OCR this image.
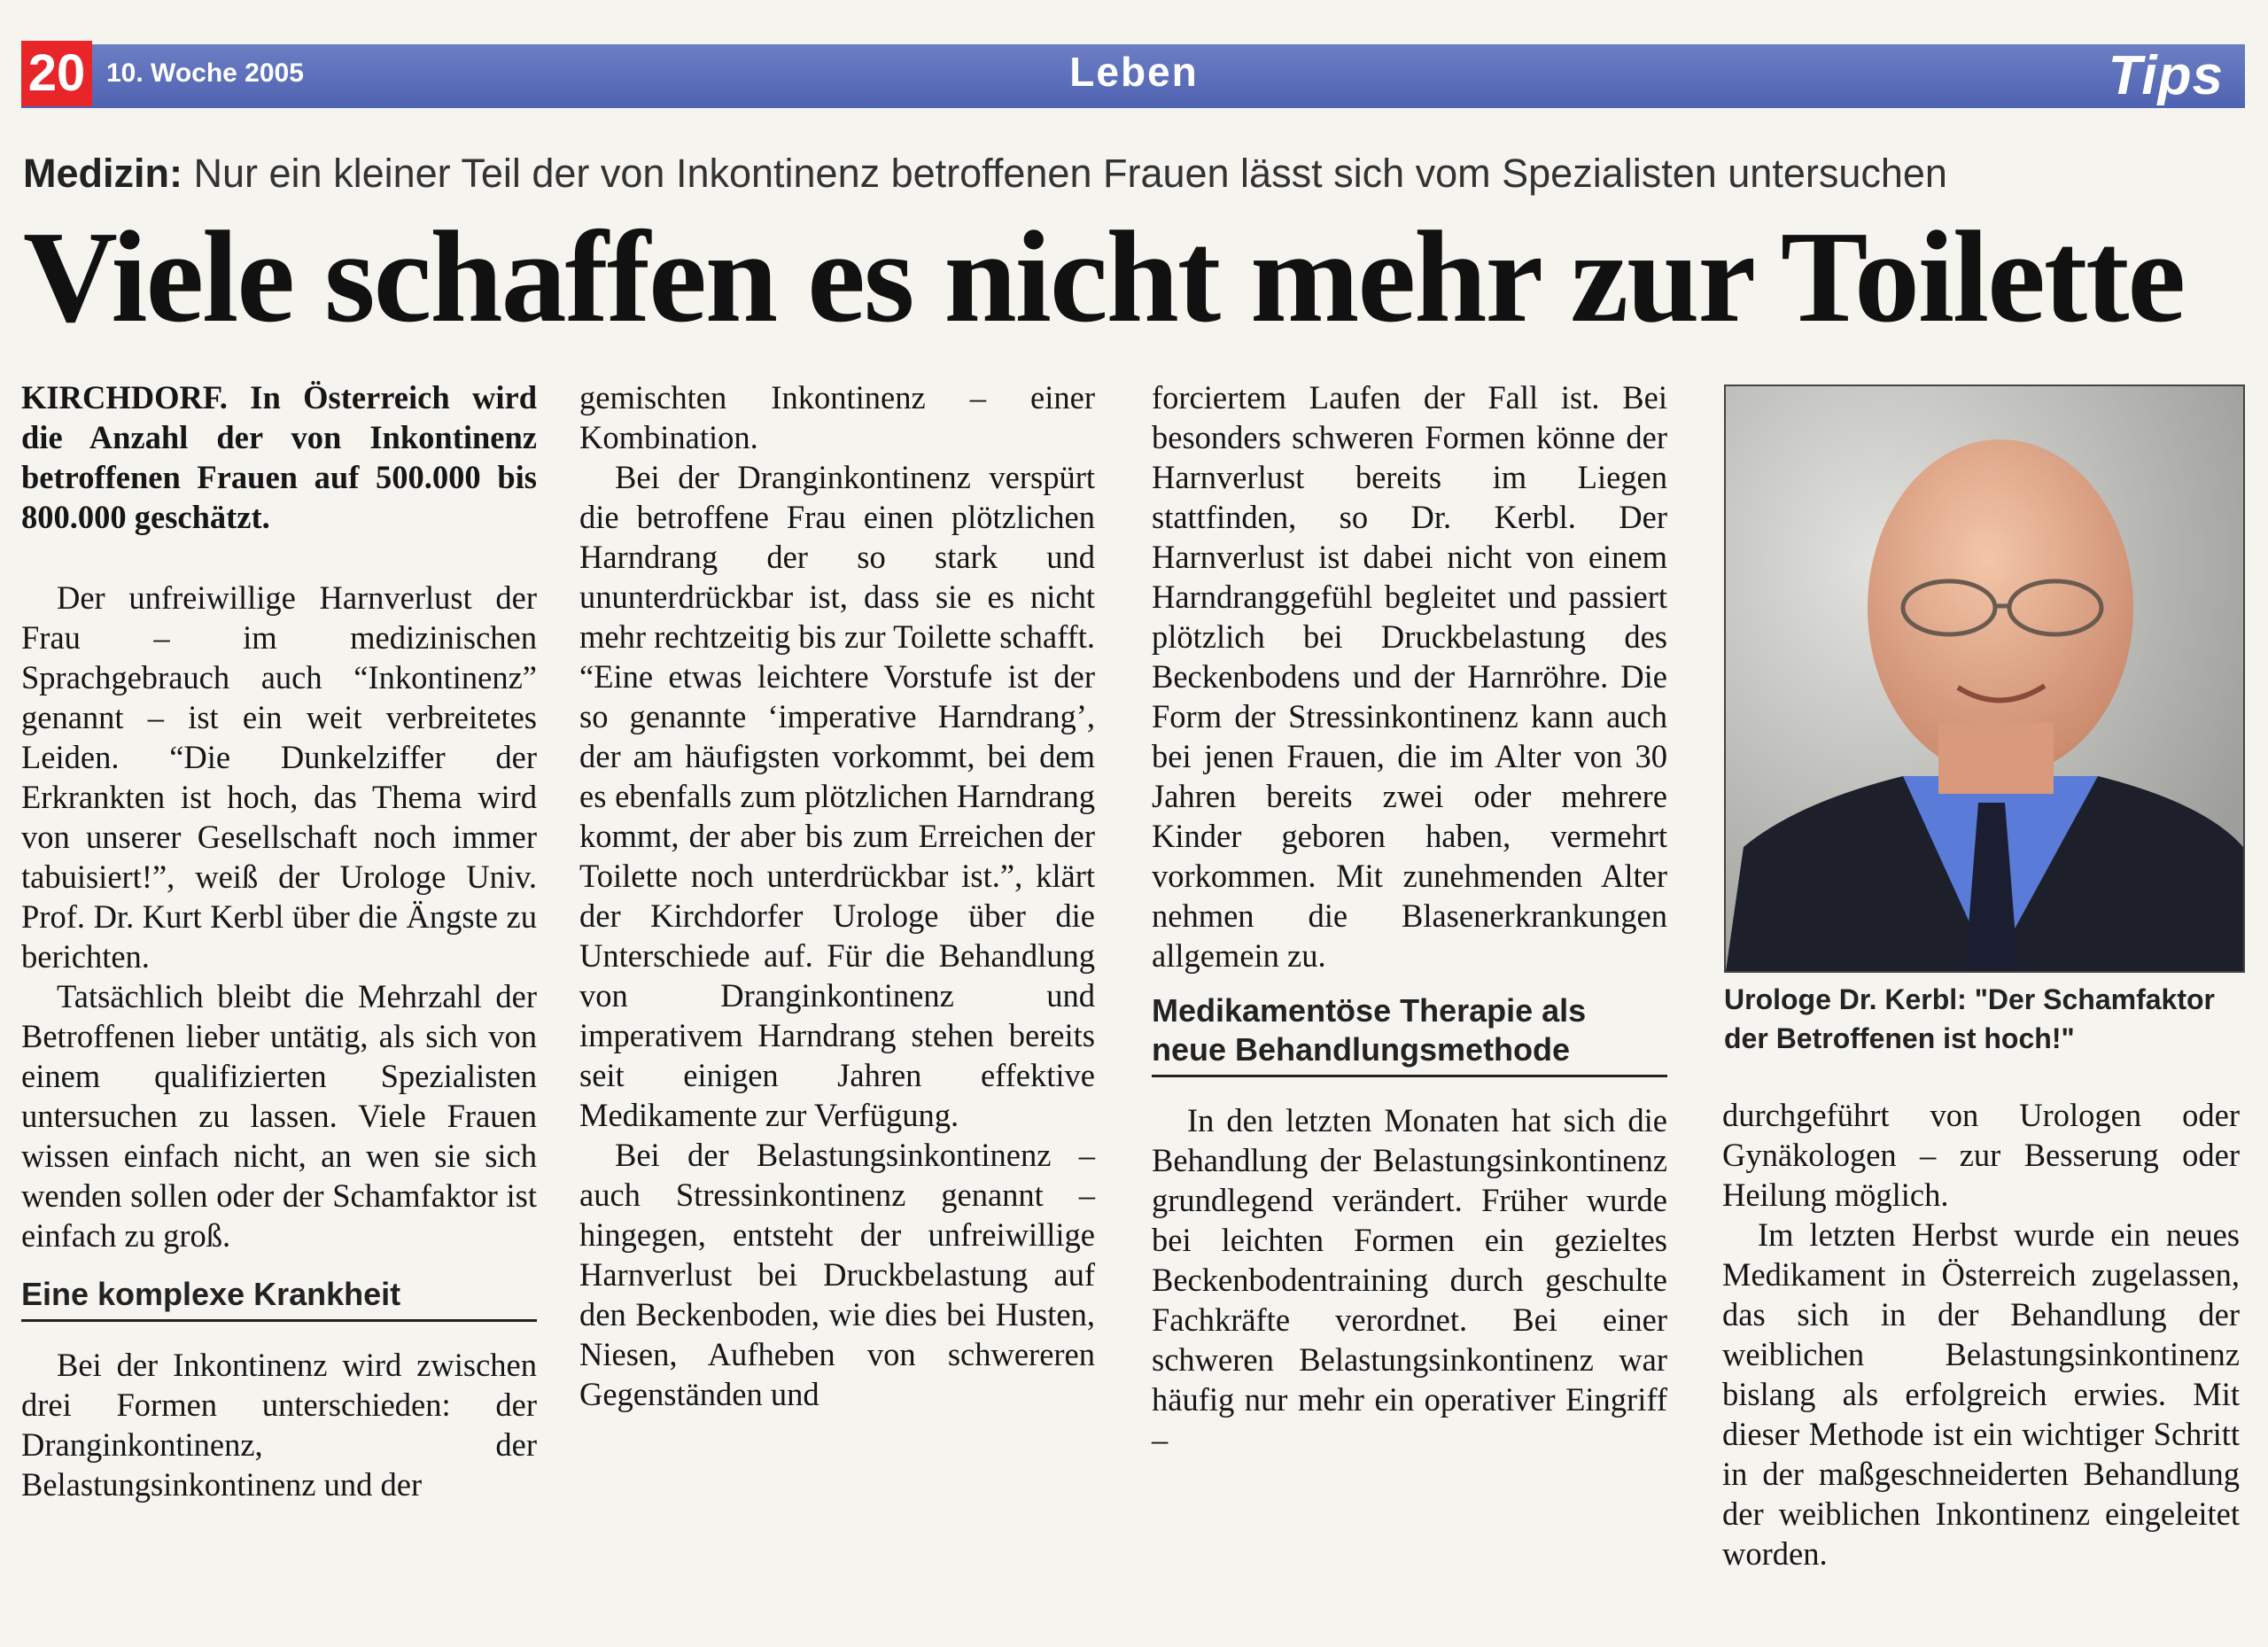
20 10. Woche 2005	Leben	Tips
Medizin: Nur ein kleiner Teil der von Inkontinenz betroffenen Frauen lässt sich vom Spezialisten untersuchen
Viele schaffen es nicht mehr zur Toilette

KIRCHDORF. In Österreich wird die Anzahl der von Inkontinenz betroffenen Frauen auf 500.000 bis 800.000 geschätzt.

Der unfreiwillige Harnverlust der Frau – im medizinischen Sprachgebrauch auch “Inkontinenz” genannt – ist ein weit verbreitetes Leiden. “Die Dunkelziffer der Erkrankten ist hoch, das Thema wird von unserer Gesellschaft noch immer tabuisiert!”, weiß der Urologe Univ. Prof. Dr. Kurt Kerbl über die Ängste zu berichten.

Tatsächlich bleibt die Mehrzahl der Betroffenen lieber untätig, als sich von einem qualifizierten Spezialisten untersuchen zu lassen. Viele Frauen wissen einfach nicht, an wen sie sich wenden sollen oder der Schamfaktor ist einfach zu groß.

Eine komplexe Krankheit

Bei der Inkontinenz wird zwischen drei Formen unterschieden: der Dranginkontinenz, der Belastungsinkontinenz und der

gemischten Inkontinenz – einer Kombination.

Bei der Dranginkontinenz verspürt die betroffene Frau einen plötzlichen Harndrang der so stark und ununterdrückbar ist, dass sie es nicht mehr rechtzeitig bis zur Toilette schafft. “Eine etwas leichtere Vorstufe ist der so genannte ‘imperative Harndrang’, der am häufigsten vorkommt, bei dem es ebenfalls zum plötzlichen Harndrang kommt, der aber bis zum Erreichen der Toilette noch unterdrückbar ist.”, klärt der Kirchdorfer Urologe über die Unterschiede auf. Für die Behandlung von Dranginkontinenz und imperativem Harndrang stehen bereits seit einigen Jahren effektive Medikamente zur Verfügung.

Bei der Belastungsinkontinenz – auch Stressinkontinenz genannt – hingegen, entsteht der unfreiwillige Harnverlust bei Druckbelastung auf den Beckenboden, wie dies bei Husten, Niesen, Aufheben von schwereren Gegenständen und

forciertem Laufen der Fall ist. Bei besonders schweren Formen könne der Harnverlust bereits im Liegen stattfinden, so Dr. Kerbl. Der Harnverlust ist dabei nicht von einem Harndranggefühl begleitet und passiert plötzlich bei Druckbelastung des Beckenbodens und der Harnröhre. Die Form der Stressinkontinenz kann auch bei jenen Frauen, die im Alter von 30 Jahren bereits zwei oder mehrere Kinder geboren haben, vermehrt vorkommen. Mit zunehmenden Alter nehmen die Blasenerkrankungen allgemein zu.

Medikamentöse Therapie als neue Behandlungsmethode

In den letzten Monaten hat sich die Behandlung der Belastungsinkontinenz grundlegend verändert. Früher wurde bei leichten Formen ein gezieltes Beckenbodentraining durch geschulte Fachkräfte verordnet. Bei einer schweren Belastungsinkontinenz war häufig nur mehr ein operativer Eingriff –

Urologe Dr. Kerbl: "Der Schamfaktor der Betroffenen ist hoch!"

durchgeführt von Urologen oder Gynäkologen – zur Besserung oder Heilung möglich.

Im letzten Herbst wurde ein neues Medikament in Österreich zugelassen, das sich in der Behandlung der weiblichen Belastungsinkontinenz bislang als erfolgreich erwies. Mit dieser Methode ist ein wichtiger Schritt in der maßgeschneiderten Behandlung der weiblichen Inkontinenz eingeleitet worden.
